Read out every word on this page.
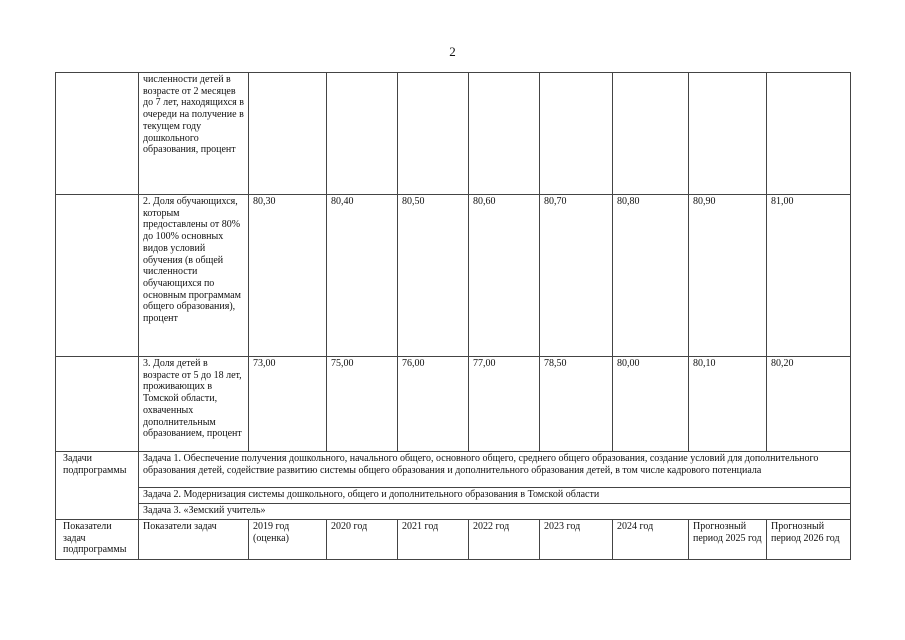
2
	численности детей в возрасте от 2 месяцев до 7 лет, находящихся в очереди на получение в текущем году дошкольного образования, процент								
	2. Доля обучающихся, которым предоставлены от 80% до 100% основных видов условий обучения (в общей численности обучающихся по основным программам общего образования), процент	80,30	80,40	80,50	80,60	80,70	80,80	80,90	81,00
	3. Доля детей в возрасте от 5 до 18 лет, проживающих в Томской области, охваченных дополнительным образованием, процент	73,00	75,00	76,00	77,00	78,50	80,00	80,10	80,20
Задачи подпрограммы	Задача 1. Обеспечение получения дошкольного, начального общего, основного общего, среднего общего образования, создание условий для дополнительного образования детей, содействие развитию системы общего образования и дополнительного образования детей, в том числе кадрового потенциала								
	Задача 2. Модернизация системы дошкольного, общего и дополнительного образования в Томской области								
	Задача 3. «Земский учитель»								
Показатели задач подпрограммы	Показатели задач	2019 год (оценка)	2020 год	2021 год	2022 год	2023 год	2024 год	Прогнозный период 2025 год	Прогнозный период 2026 год
